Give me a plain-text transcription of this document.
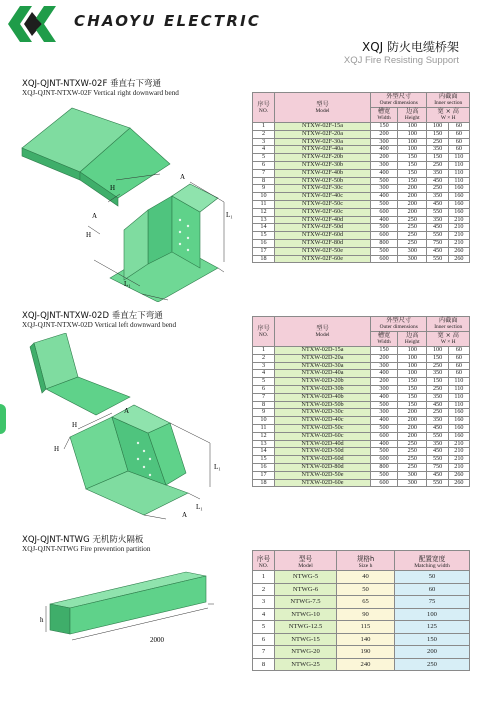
CHAOYU ELECTRIC
XQJ 防火电缆桥架
XQJ Fire Resisting Support
XQJ-QJNT-NTXW-02F 垂直右下弯通
XQJ-QJNT-NTXW-02F Vertical right downward bend
A
L₁
H
A
H
L₁
序号
NO.	型号
Model	外型尺寸
Outer dimensions		内截面
Inner section	

		槽宽
Width	边高
Height	宽 × 高
W × H	

1	NTXW-02F-15a	150	100	100	60
2	NTXW-02F-20a	200	100	150	60
3	NTXW-02F-30a	300	100	250	60
4	NTXW-02F-40a	400	100	350	60
5	NTXW-02F-20b	200	150	150	110
6	NTXW-02F-30b	300	150	250	110
7	NTXW-02F-40b	400	150	350	110
8	NTXW-02F-50b	500	150	450	110
9	NTXW-02F-30c	300	200	250	160
10	NTXW-02F-40c	400	200	350	160
11	NTXW-02F-50c	500	200	450	160
12	NTXW-02F-60c	600	200	550	160
13	NTXW-02F-40d	400	250	350	210
14	NTXW-02F-50d	500	250	450	210
15	NTXW-02F-60d	600	250	550	210
16	NTXW-02F-80d	800	250	750	210
17	NTXW-02F-50e	500	300	450	260
18	NTXW-02F-60e	600	300	550	260
XQJ-QJNT-NTXW-02D 垂直左下弯通
XQJ-QJNT-NTXW-02D Vertical left downward bend
H
A
H
L₁
L₁
A
序号
NO.	型号
Model	外型尺寸
Outer dimensions		内截面
Inner section	

		槽宽
Width	边高
Height	宽 × 高
W × H	

1	NTXW-02D-15a	150	100	100	60
2	NTXW-02D-20a	200	100	150	60
3	NTXW-02D-30a	300	100	250	60
4	NTXW-02D-40a	400	100	350	60
5	NTXW-02D-20b	200	150	150	110
6	NTXW-02D-30b	300	150	250	110
7	NTXW-02D-40b	400	150	350	110
8	NTXW-02D-50b	500	150	450	110
9	NTXW-02D-30c	300	200	250	160
10	NTXW-02D-40c	400	200	350	160
11	NTXW-02D-50c	500	200	450	160
12	NTXW-02D-60c	600	200	550	160
13	NTXW-02D-40d	400	250	350	210
14	NTXW-02D-50d	500	250	450	210
15	NTXW-02D-60d	600	250	550	210
16	NTXW-02D-80d	800	250	750	210
17	NTXW-02D-50e	500	300	450	260
18	NTXW-02D-60e	600	300	550	260
XQJ-QJNT-NTWG 无机防火隔板
XQJ-QJNT-NTWG Fire prevention partition
h
2000
序号
NO.	型号
Model	规格h
Size h	配置宽度
Matching width

1	NTWG-5	40	50
2	NTWG-6	50	60
3	NTWG-7.5	65	75
4	NTWG-10	90	100
5	NTWG-12.5	115	125
6	NTWG-15	140	150
7	NTWG-20	190	200
8	NTWG-25	240	250
